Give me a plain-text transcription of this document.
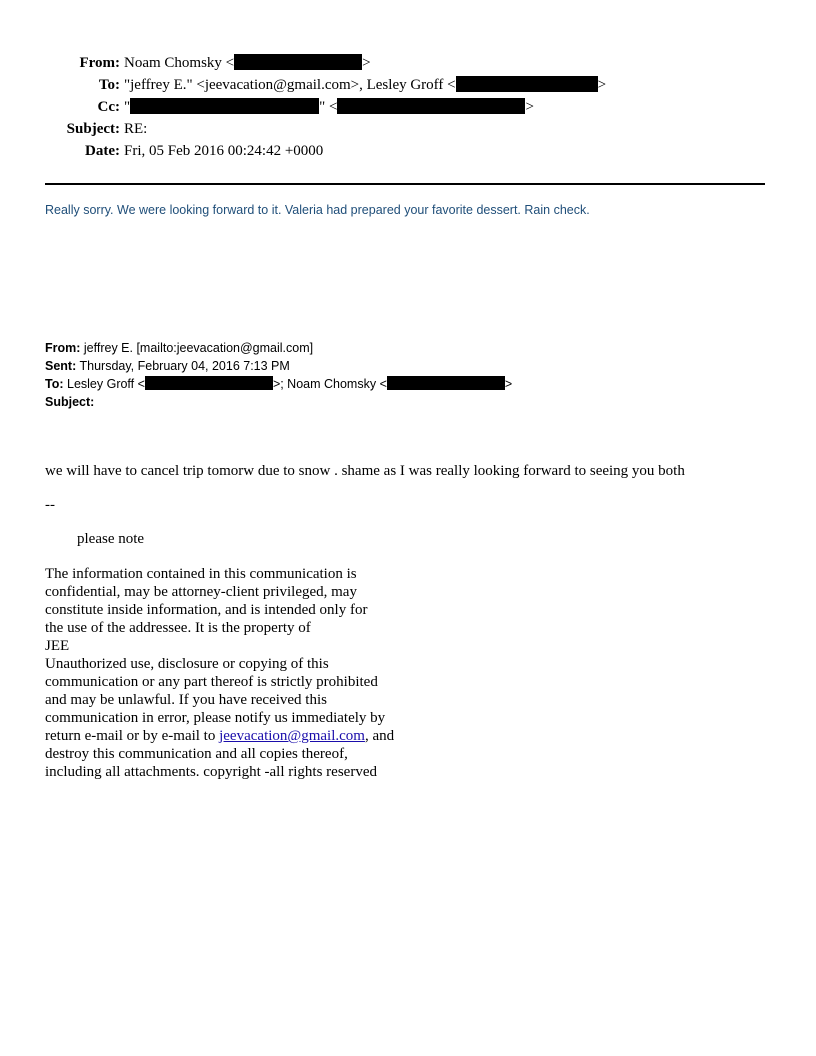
From: Noam Chomsky <	>
To: "jeffrey E." <jeevacation@gmail.com>, Lesley Groff <	>
Cc: "	" <	>
Subject: RE:
Date: Fri, 05 Feb 2016 00:24:42 +0000
Really sorry. We were looking forward to it. Valeria had prepared your favorite dessert. Rain check.
From: jeffrey E. [mailto:jeevacation@gmail.com]
Sent: Thursday, February 04, 2016 7:13 PM
To: Lesley Groff <	>; Noam Chomsky <	>
Subject:
we will have to cancel trip tomorw due to snow . shame as I was really looking forward to seeing you both
--
please note
The information contained in this communication is
confidential, may be attorney-client privileged, may
constitute inside information, and is intended only for
the use of the addressee. It is the property of
JEE
Unauthorized use, disclosure or copying of this
communication or any part thereof is strictly prohibited
and may be unlawful. If you have received this
communication in error, please notify us immediately by
return e-mail or by e-mail to jeevacation@gmail.com, and
destroy this communication and all copies thereof,
including all attachments. copyright -all rights reserved
